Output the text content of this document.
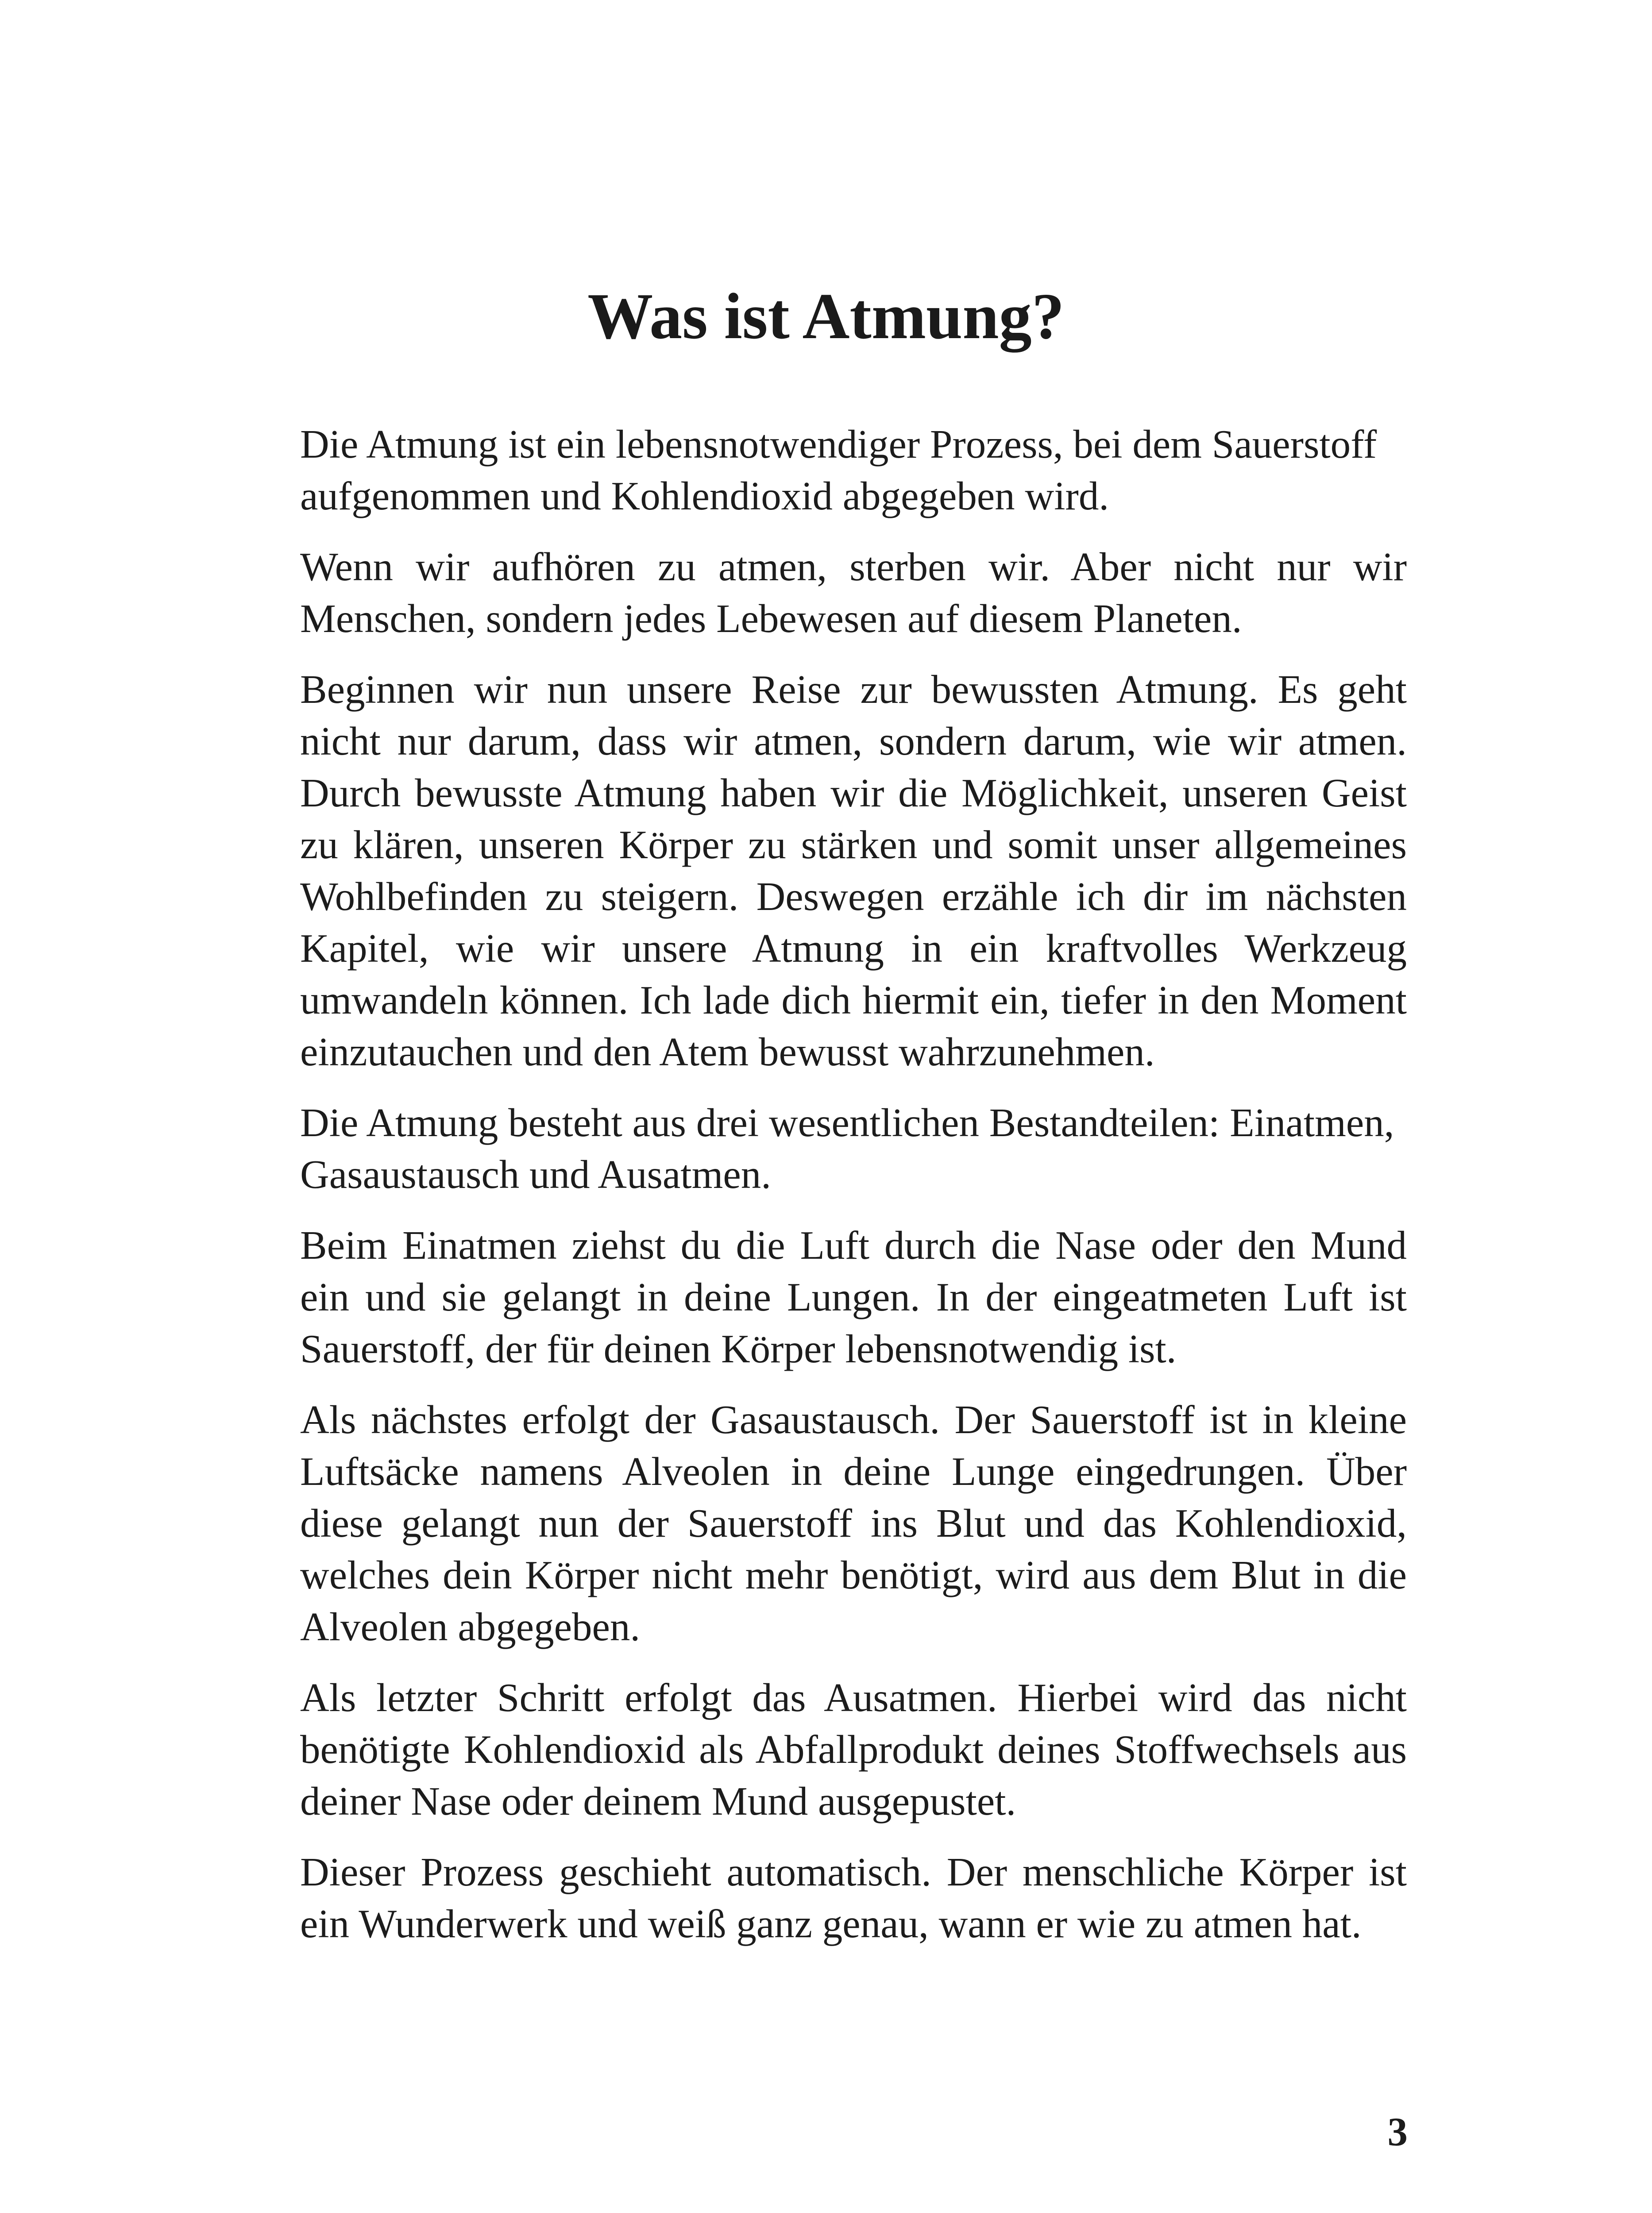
Was ist Atmung?

Die Atmung ist ein lebensnotwendiger Prozess, bei dem Sauerstoff aufgenommen und Kohlendioxid abgegeben wird.

Wenn wir aufhören zu atmen, sterben wir. Aber nicht nur wir Menschen, sondern jedes Lebewesen auf diesem Planeten.

Beginnen wir nun unsere Reise zur bewussten Atmung. Es geht nicht nur darum, dass wir atmen, sondern darum, wie wir atmen. Durch bewusste Atmung haben wir die Möglichkeit, unseren Geist zu klären, unseren Körper zu stärken und somit unser allgemeines Wohlbefinden zu steigern. Deswegen erzähle ich dir im nächsten Kapitel, wie wir unsere Atmung in ein kraftvolles Werkzeug umwandeln können. Ich lade dich hiermit ein, tiefer in den Moment einzutauchen und den Atem bewusst wahrzunehmen.

Die Atmung besteht aus drei wesentlichen Bestandteilen: Einatmen, Gasaustausch und Ausatmen.

Beim Einatmen ziehst du die Luft durch die Nase oder den Mund ein und sie gelangt in deine Lungen. In der eingeatmeten Luft ist Sauerstoff, der für deinen Körper lebensnotwendig ist.

Als nächstes erfolgt der Gasaustausch. Der Sauerstoff ist in kleine Luftsäcke namens Alveolen in deine Lunge eingedrungen. Über diese gelangt nun der Sauerstoff ins Blut und das Kohlendioxid, welches dein Körper nicht mehr benötigt, wird aus dem Blut in die Alveolen abgegeben.

Als letzter Schritt erfolgt das Ausatmen. Hierbei wird das nicht benötigte Kohlendioxid als Abfallprodukt deines Stoffwechsels aus deiner Nase oder deinem Mund ausgepustet.

Dieser Prozess geschieht automatisch. Der menschliche Körper ist ein Wunderwerk und weiß ganz genau, wann er wie zu atmen hat.

3
